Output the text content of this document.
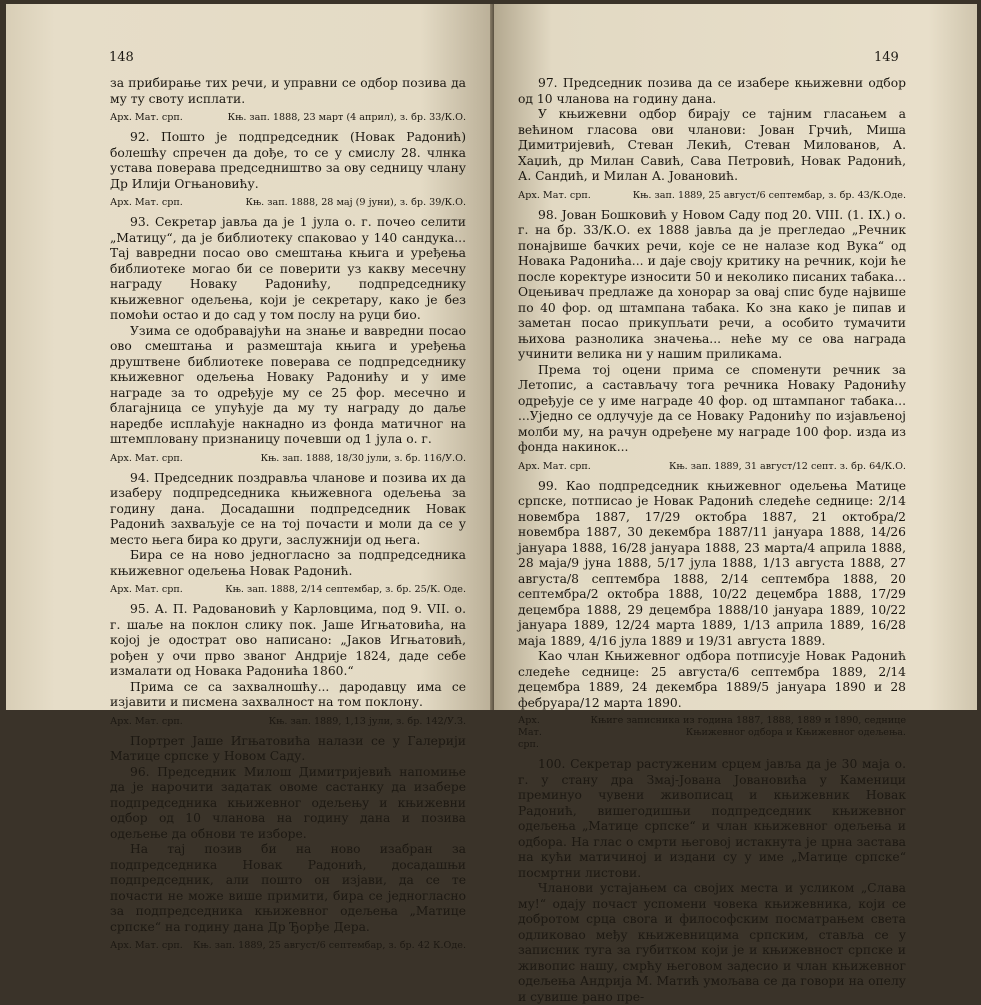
148

за прибирање тих речи, и управни се одбор позива да му ту своту исплати.

Арх. Мат. срп.	Књ. зап. 1888, 23 март (4 април), з. бр. 33/К.О.

92. Пошто је подпредседник (Новак Радонић) болешћу спречен да дође, то се у смислу 28. члнка устава поверава председништво за ову седницу члану Др Илији Огњановићу.

Арх. Мат. срп.	Књ. зап. 1888, 28 мај (9 јуни), з. бр. 39/К.О.

93. Секретар јавља да је 1 јула о. г. почео селити „Матицу“, да је библиотеку спаковао у 140 сандука... Тај вавредни посао ово смештања књига и уређења библиотеке могао би се поверити уз какву месечну награду Новаку Радонићу, подпредседнику књижевног одељења, који је секретару, како је без помоћи остао и до сад у том послу на руци био.

Узима се одобравајући на знање и вавредни посао ово смештања и размештаја књига и уређења друштвене библиотеке поверава се подпредседнику књижевног одељења Новаку Радонићу и у име награде за то одређује му се 25 фор. месечно и благајница се упућује да му ту награду до даље наредбе исплаћује накнадно из фонда матичног на штемпловану признаницу почевши од 1 јула о. г.

Арх. Мат. срп.	Књ. зап. 1888, 18/30 јули, з. бр. 116/У.О.

94. Председник поздравља чланове и позива их да изаберу подпредседника књижевнога одељења за годину дана. Досадашни подпредседник Новак Радонић захваљује се на тој почасти и моли да се у место њега бира ко други, заслужнији од њега.

Бира се на ново једногласно за подпредседника књижевног одељења Новак Радонић.

Арх. Мат. срп.	Књ. зап. 1888, 2/14 септембар, з. бр. 25/К. Оде.

95. А. П. Радовановић у Карловцима, под 9. VII. о. г. шаље на поклон слику пок. Јаше Игњатовића, на којој је одострат ово написано: „Јаков Игњатовић, рођен у очи прво званог Андрије 1824, даде себе измалати од Новака Радонића 1860.“

Прима се са захвалношћу... дародавцу има се изјавити и писмена захвалност на том поклону.

Арх. Мат. срп.	Књ. зап. 1889, 1,13 јули, з. бр. 142/У.З.

Портрет Јаше Игњатовића налази се у Галерији Матице српске у Новом Саду.

96. Председник Милош Димитријевић напомиње да је нарочити задатак овоме састанку да изабере подпредседника књижевног одељењу и књижевни одбор од 10 чланова на годину дана и позива одељење да обнови те изборе.

На тај позив би на ново изабран за подпредседника Новак Радонић, досадашњи подпредседник, али пошто он изјави, да се те почасти не може више примити, бира се једногласно за подпредседника књижевног одељења „Матице српске“ на годину дана Др Ђорђе Дера.

Арх. Мат. срп. Књ. зап. 1889, 25 август/6 септембар, з. бр. 42 К.Оде.
149

97. Председник позива да се изабере књижевни одбор од 10 чланова на годину дана.

У књижевни одбор бирају се тајним гласањем а већином гласова ови чланови: Јован Грчић, Миша Димитријевић, Стеван Лекић, Стеван Милованов, А. Хаџић, др Милан Савић, Сава Петровић, Новак Радонић, А. Сандић, и Милан А. Јовановић.

Арх. Мат. срп.	Књ. зап. 1889, 25 август/6 септембар, з. бр. 43/К.Оде.

98. Јован Бошковић у Новом Саду под 20. VIII. (1. IX.) о. г. на бр. 33/К.О. ех 1888 јавља да је прегледао „Речник понајвише бачких речи, које се не налазе код Вука“ од Новака Радонића... и даје своју критику на речник, који ће после коректуре износити 50 и неколико писаних табака... Оцењивач предлаже да хонорар за овај спис буде највише по 40 фор. од штампана табака. Ко зна како је пипав и заметан посао прикупљати речи, а особито тумачити њихова разнолика значења... неће му се ова награда учинити велика ни у нашим приликама.

Према тој оцени прима се споменути речник за Летопис, а састављачу тога речника Новаку Радонићу одређује се у име награде 40 фор. од штампаног табака... ...Уједно се одлучује да се Новаку Радонићу по изјављеној молби му, на рачун одређене му награде 100 фор. изда из фонда накинок...

Арх. Мат. срп.	Књ. зап. 1889, 31 август/12 септ. з. бр. 64/К.О.

99. Као подпредседник књижевног одељења Матице српске, потписао је Новак Радонић следеће седнице: 2/14 новембра 1887, 17/29 октобра 1887, 21 октобра/2 новембра 1887, 30 декембра 1887/11 јануара 1888, 14/26 јануара 1888, 16/28 јануара 1888, 23 марта/4 априла 1888, 28 маја/9 јуна 1888, 5/17 јула 1888, 1/13 августа 1888, 27 августа/8 септембра 1888, 2/14 септембра 1888, 20 септембра/2 октобра 1888, 10/22 децембра 1888, 17/29 децембра 1888, 29 децембра 1888/10 јануара 1889, 10/22 јануара 1889, 12/24 марта 1889, 1/13 априла 1889, 16/28 маја 1889, 4/16 јула 1889 и 19/31 августа 1889.

Као члан Књижевног одбора потписује Новак Радонић следеће седнице: 25 августа/6 септембра 1889, 2/14 децембра 1889, 24 декембра 1889/5 јануара 1890 и 28 фебруара/12 марта 1890.

Арх. Мат. срп.
Књиге записника из година 1887, 1888, 1889 и 1890, седнице Књижевног одбора и Књижевног одељења.

100. Секретар растуженим срцем јавља да је 30 маја о. г. у стану дра Змај-Јована Јовановића у Каменици преминуо чувени живописац и књижевник Новак Радонић, вишегодишњи подпредседник књижевног одељења „Матице српске“ и члан књижевног одељења и одбора. На глас о смрти његовој истакнута је црна застава на кући матичиној и издани су у име „Матице српске“ посмртни листови.

Чланови устајањем са својих места и усликом „Слава му!“ одају почаст успомени човека књижевника, који се добротом срца свога и философским посматрањем света одликовао међу књижевницима српским, стављa се у записник туга за губитком који је и књижевност српске и живопис нашу, смрћу његовом задесио и члан књижевног одељења Андрија М. Матић умољава се да говори на опелу и сувише рано пре-
